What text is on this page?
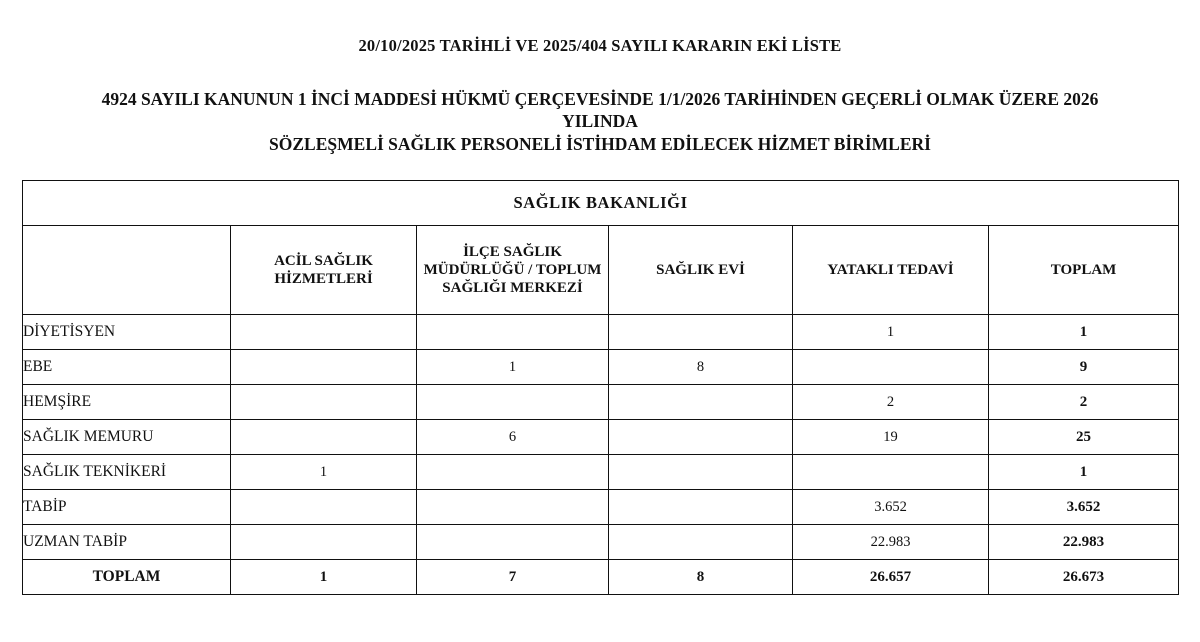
20/10/2025 TARİHLİ VE 2025/404 SAYILI KARARIN EKİ LİSTE
4924 SAYILI KANUNUN 1 İNCİ MADDESİ HÜKMÜ ÇERÇEVESİNDE 1/1/2026 TARİHİNDEN GEÇERLİ OLMAK ÜZERE 2026 YILINDA
SÖZLEŞMELİ SAĞLIK PERSONELİ İSTİHDAM EDİLECEK HİZMET BİRİMLERİ
SAĞLIK BAKANLIĞI					
	ACİL SAĞLIK HİZMETLERİ	İLÇE SAĞLIK MÜDÜRLÜĞÜ / TOPLUM SAĞLIĞI MERKEZİ	SAĞLIK EVİ	YATAKLI TEDAVİ	TOPLAM
DİYETİSYEN				1	1
EBE		1	8		9
HEMŞİRE				2	2
SAĞLIK MEMURU		6		19	25
SAĞLIK TEKNİKERİ	1				1
TABİP				3.652	3.652
UZMAN TABİP				22.983	22.983
TOPLAM	1	7	8	26.657	26.673
